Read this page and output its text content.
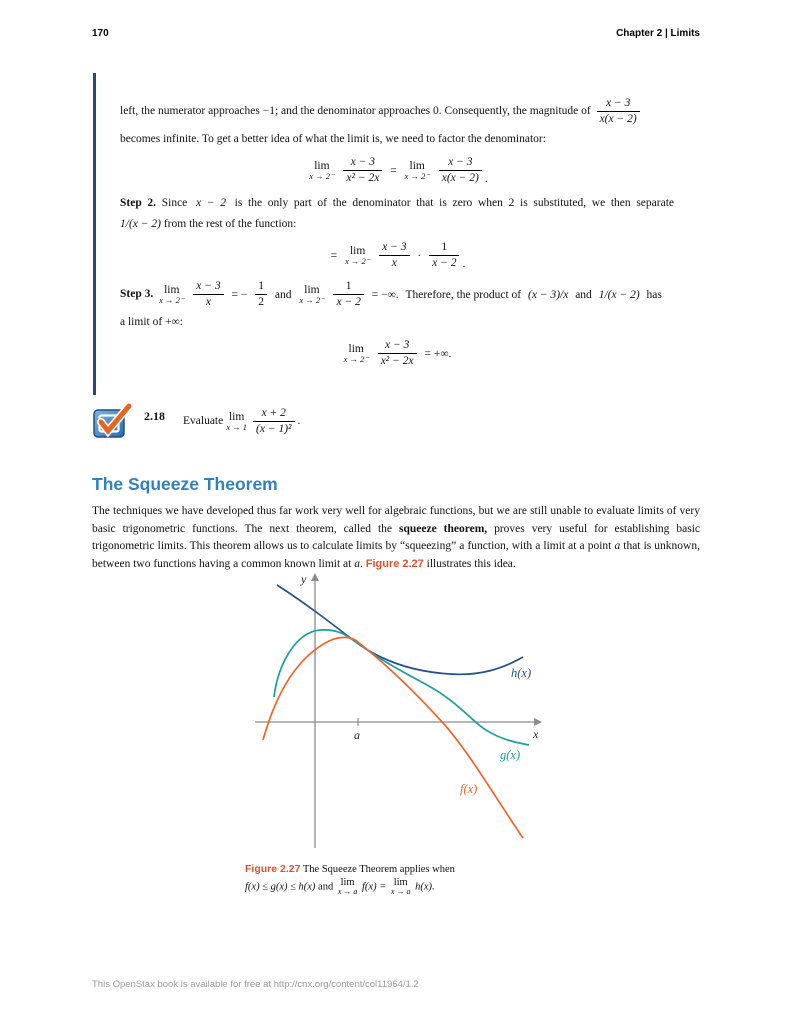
170	Chapter 2 | Limits
left, the numerator approaches −1; and the denominator approaches 0. Consequently, the magnitude of $\frac{x - 3}{x(x - 2)}$
becomes infinite. To get a better idea of what the limit is, we need to factor the denominator:
lim
x → 2⁻
$\frac{x - 3}{\text{x² − 2x}}$ =	lim
x → 2⁻
$\frac{x - 3}{x(x - 2)}$ .
Step 2. Since x − 2 is the only part of the denominator that is zero when 2 is substituted, we then separate
1/(x − 2) from the rest of the function:
=	lim
x → 2⁻
$\frac{x - 3}{x} \cdot \frac{1}{x - 2}$ .
Step 3. lim
x → 2⁻
$\frac{x - 3}{x}$ = − $\frac{1}{2}$ and	lim
x → 2⁻
$\frac{1}{x - 2}$ = −∞. Therefore, the product of (x − 3)/x and 1/(x − 2) has
a limit of +∞:
lim
x → 2⁻
$\frac{x - 3}{\text{x² − 2x}}$ = +∞.
2.18 Evaluate lim
$x \to 1 \frac{x + 2}{\text{(x − 1)²}}$ .
The Squeeze Theorem
The techniques we have developed thus far work very well for algebraic functions, but we are still unable to evaluate limits of very basic trigonometric functions. The next theorem, called the squeeze theorem, proves very useful for establishing basic trigonometric limits. This theorem allows us to calculate limits by “squeezing” a function, with a limit at a point a that is unknown, between two functions having a common known limit at a. Figure 2.27 illustrates this idea.
y
x
a
h(x)
g(x)
f(x)
Figure 2.27 The Squeeze Theorem applies when
f(x) ≤ g(x) ≤ h(x) and lim
x → a f(x) = lim
x → a h(x).
This OpenStax book is available for free at http://cnx.org/content/col11964/1.2
